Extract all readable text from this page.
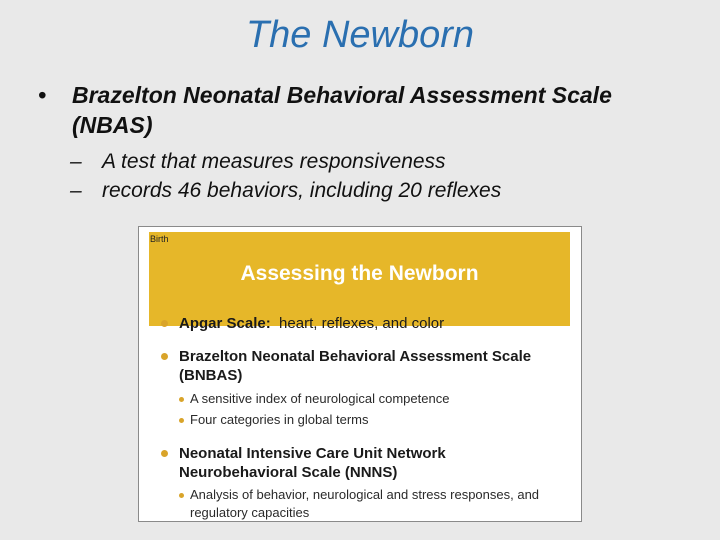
The Newborn
• Brazelton Neonatal Behavioral Assessment Scale (NBAS)
– A test that measures responsiveness
– records 46 behaviors, including 20 reflexes
Birth
Assessing the Newborn
Apgar Scale: heart, reflexes, and color
Brazelton Neonatal Behavioral Assessment Scale (BNBAS)
A sensitive index of neurological competence
Four categories in global terms
Neonatal Intensive Care Unit Network Neurobehavioral Scale (NNNS)
Analysis of behavior, neurological and stress responses, and regulatory capacities
